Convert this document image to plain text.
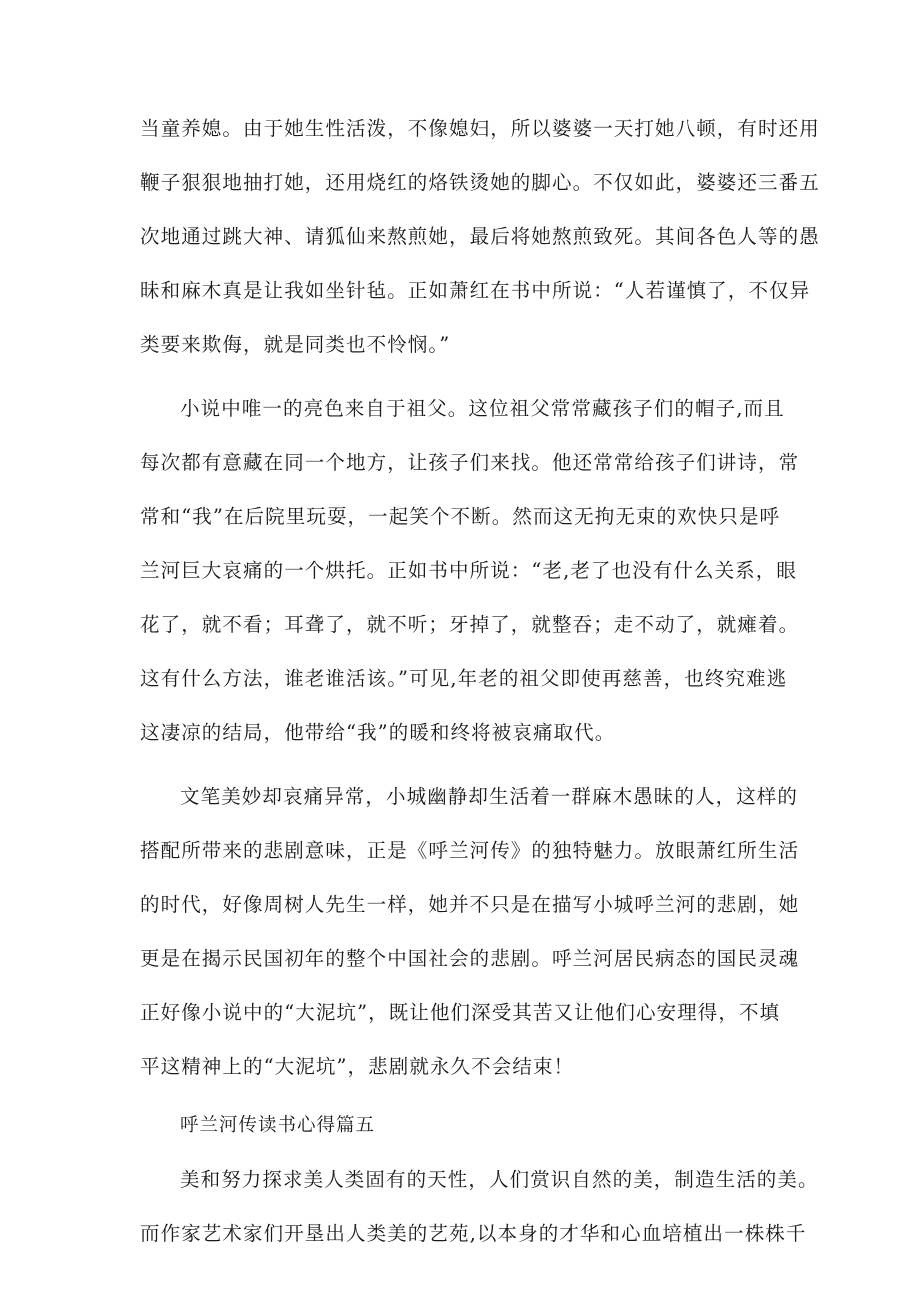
当童养媳。由于她生性活泼，不像媳妇，所以婆婆一天打她八顿，有时还用
鞭子狠狠地抽打她，还用烧红的烙铁烫她的脚心。不仅如此，婆婆还三番五
次地通过跳大神、请狐仙来熬煎她，最后将她熬煎致死。其间各色人等的愚
昧和麻木真是让我如坐针毡。正如萧红在书中所说：“人若谨慎了，不仅异
类要来欺侮，就是同类也不怜悯。”
小说中唯一的亮色来自于祖父。这位祖父常常藏孩子们的帽子,而且
每次都有意藏在同一个地方，让孩子们来找。他还常常给孩子们讲诗，常
常和“我”在后院里玩耍，一起笑个不断。然而这无拘无束的欢快只是呼
兰河巨大哀痛的一个烘托。正如书中所说：“老,老了也没有什么关系，眼
花了，就不看；耳聋了，就不听；牙掉了，就整吞；走不动了，就瘫着。
这有什么方法，谁老谁活该。”可见,年老的祖父即使再慈善，也终究难逃
这凄凉的结局，他带给“我”的暖和终将被哀痛取代。
文笔美妙却哀痛异常，小城幽静却生活着一群麻木愚昧的人，这样的
搭配所带来的悲剧意味，正是《呼兰河传》的独特魅力。放眼萧红所生活
的时代，好像周树人先生一样，她并不只是在描写小城呼兰河的悲剧，她
更是在揭示民国初年的整个中国社会的悲剧。呼兰河居民病态的国民灵魂
正好像小说中的“大泥坑”，既让他们深受其苦又让他们心安理得，不填
平这精神上的“大泥坑”，悲剧就永久不会结束！
呼兰河传读书心得篇五
美和努力探求美人类固有的天性，人们赏识自然的美，制造生活的美。
而作家艺术家们开垦出人类美的艺苑,以本身的才华和心血培植出一株株千
